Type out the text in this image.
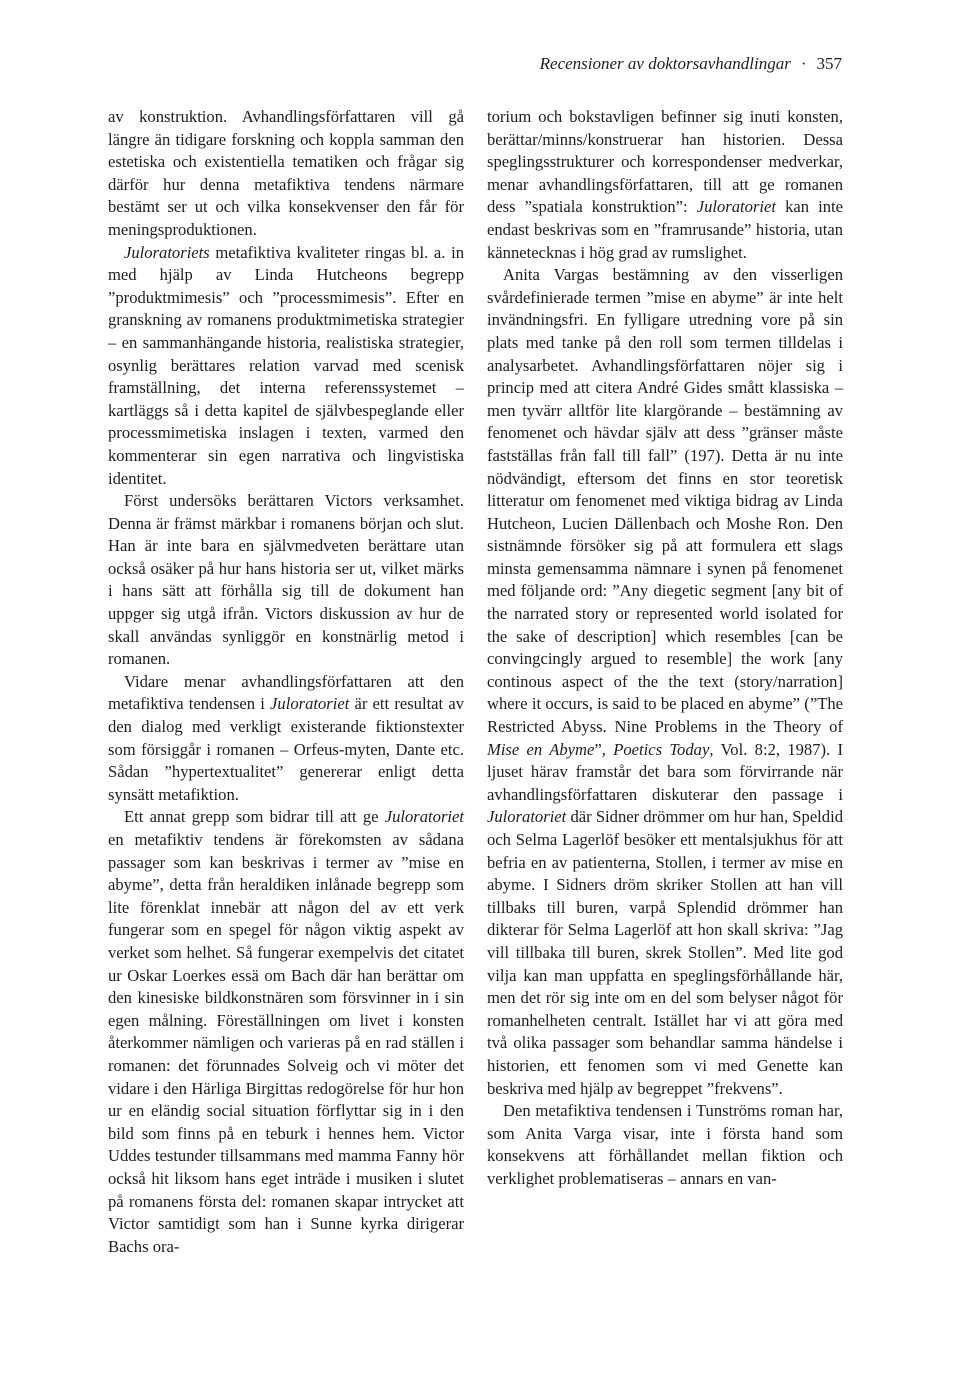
Recensioner av doktorsavhandlingar · 357

av konstruktion. Avhandlingsförfattaren vill gå längre än tidigare forskning och koppla samman den estetiska och existentiella tematiken och frågar sig därför hur denna metafiktiva tendens närmare bestämt ser ut och vilka konsekvenser den får för meningsproduktionen.

Juloratoriets metafiktiva kvaliteter ringas bl. a. in med hjälp av Linda Hutcheons begrepp ”produktmimesis” och ”processmimesis”. Efter en granskning av romanens produktmimetiska strategier – en sammanhängande historia, realistiska strategier, osynlig berättares relation varvad med scenisk framställning, det interna referenssystemet – kartläggs så i detta kapitel de självbespeglande eller processmimetiska inslagen i texten, varmed den kommenterar sin egen narrativa och lingvistiska identitet.

Först undersöks berättaren Victors verksamhet. Denna är främst märkbar i romanens början och slut. Han är inte bara en självmedveten berättare utan också osäker på hur hans historia ser ut, vilket märks i hans sätt att förhålla sig till de dokument han uppger sig utgå ifrån. Victors diskussion av hur de skall användas synliggör en konstnärlig metod i romanen.

Vidare menar avhandlingsförfattaren att den metafiktiva tendensen i Juloratoriet är ett resultat av den dialog med verkligt existerande fiktionstexter som försiggår i romanen – Orfeus-myten, Dante etc. Sådan ”hypertextualitet” genererar enligt detta synsätt metafiktion.

Ett annat grepp som bidrar till att ge Juloratoriet en metafiktiv tendens är förekomsten av sådana passager som kan beskrivas i termer av ”mise en abyme”, detta från heraldiken inlånade begrepp som lite förenklat innebär att någon del av ett verk fungerar som en spegel för någon viktig aspekt av verket som helhet. Så fungerar exempelvis det citatet ur Oskar Loerkes essä om Bach där han berättar om den kinesiske bildkonstnären som försvinner in i sin egen målning. Föreställningen om livet i konsten återkommer nämligen och varieras på en rad ställen i romanen: det förunnades Solveig och vi möter det vidare i den Härliga Birgittas redogörelse för hur hon ur en eländig social situation förflyttar sig in i den bild som finns på en teburk i hennes hem. Victor Uddes testunder tillsammans med mamma Fanny hör också hit liksom hans eget inträde i musiken i slutet på romanens första del: romanen skapar intrycket att Victor samtidigt som han i Sunne kyrka dirigerar Bachs ora-

torium och bokstavligen befinner sig inuti konsten, berättar/minns/konstruerar han historien. Dessa speglingsstrukturer och korrespondenser medverkar, menar avhandlingsförfattaren, till att ge romanen dess ”spatiala konstruktion”: Juloratoriet kan inte endast beskrivas som en ”framrusande” historia, utan kännetecknas i hög grad av rumslighet.

Anita Vargas bestämning av den visserligen svårdefinierade termen ”mise en abyme” är inte helt invändningsfri. En fylligare utredning vore på sin plats med tanke på den roll som termen tilldelas i analysarbetet. Avhandlingsförfattaren nöjer sig i princip med att citera André Gides smått klassiska – men tyvärr alltför lite klargörande – bestämning av fenomenet och hävdar själv att dess ”gränser måste fastställas från fall till fall” (197). Detta är nu inte nödvändigt, eftersom det finns en stor teoretisk litteratur om fenomenet med viktiga bidrag av Linda Hutcheon, Lucien Dällenbach och Moshe Ron. Den sistnämnde försöker sig på att formulera ett slags minsta gemensamma nämnare i synen på fenomenet med följande ord: ”Any diegetic segment [any bit of the narrated story or represented world isolated for the sake of description] which resembles [can be convingcingly argued to resemble] the work [any continous aspect of the the text (story/narration] where it occurs, is said to be placed en abyme” (”The Restricted Abyss. Nine Problems in the Theory of Mise en Abyme”, Poetics Today, Vol. 8:2, 1987). I ljuset härav framstår det bara som förvirrande när avhandlingsförfattaren diskuterar den passage i Juloratoriet där Sidner drömmer om hur han, Speldid och Selma Lagerlöf besöker ett mentalsjukhus för att befria en av patienterna, Stollen, i termer av mise en abyme. I Sidners dröm skriker Stollen att han vill tillbaks till buren, varpå Splendid drömmer han dikterar för Selma Lagerlöf att hon skall skriva: ”Jag vill tillbaka till buren, skrek Stollen”. Med lite god vilja kan man uppfatta en speglingsförhållande här, men det rör sig inte om en del som belyser något för romanhelheten centralt. Istället har vi att göra med två olika passager som behandlar samma händelse i historien, ett fenomen som vi med Genette kan beskriva med hjälp av begreppet ”frekvens”.

Den metafiktiva tendensen i Tunströms roman har, som Anita Varga visar, inte i första hand som konsekvens att förhållandet mellan fiktion och verklighet problematiseras – annars en van-
